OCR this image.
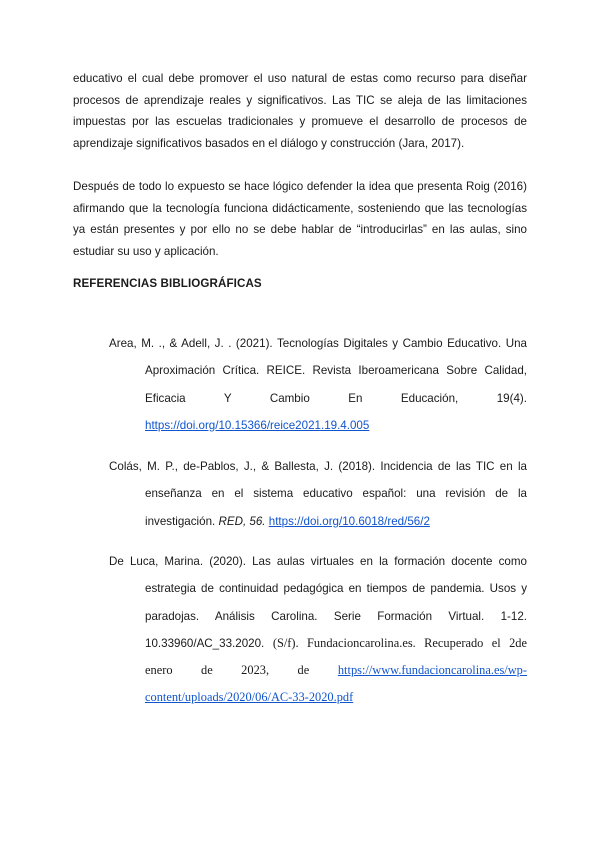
educativo el cual debe promover el uso natural de estas como recurso para diseñar procesos de aprendizaje reales y significativos. Las TIC se aleja de las limitaciones impuestas por las escuelas tradicionales y promueve el desarrollo de procesos de aprendizaje significativos basados en el diálogo y construcción (Jara, 2017).

Después de todo lo expuesto se hace lógico defender la idea que presenta Roig (2016) afirmando que la tecnología funciona didácticamente, sosteniendo que las tecnologías ya están presentes y por ello no se debe hablar de “introducirlas” en las aulas, sino estudiar su uso y aplicación.

REFERENCIAS BIBLIOGRÁFICAS

Area, M. ., & Adell, J. . (2021). Tecnologías Digitales y Cambio Educativo. Una Aproximación Crítica. REICE. Revista Iberoamericana Sobre Calidad, Eficacia Y Cambio En Educación, 19(4). https://doi.org/10.15366/reice2021.19.4.005

Colás, M. P., de-Pablos, J., & Ballesta, J. (2018). Incidencia de las TIC en la enseñanza en el sistema educativo español: una revisión de la investigación. RED, 56. https://doi.org/10.6018/red/56/2

De Luca, Marina. (2020). Las aulas virtuales en la formación docente como estrategia de continuidad pedagógica en tiempos de pandemia. Usos y paradojas. Análisis Carolina. Serie Formación Virtual. 1-12. 10.33960/AC_33.2020. (S/f). Fundacioncarolina.es. Recuperado el 2de enero de 2023, de https://www.fundacioncarolina.es/wp-content/uploads/2020/06/AC-33-2020.pdf
